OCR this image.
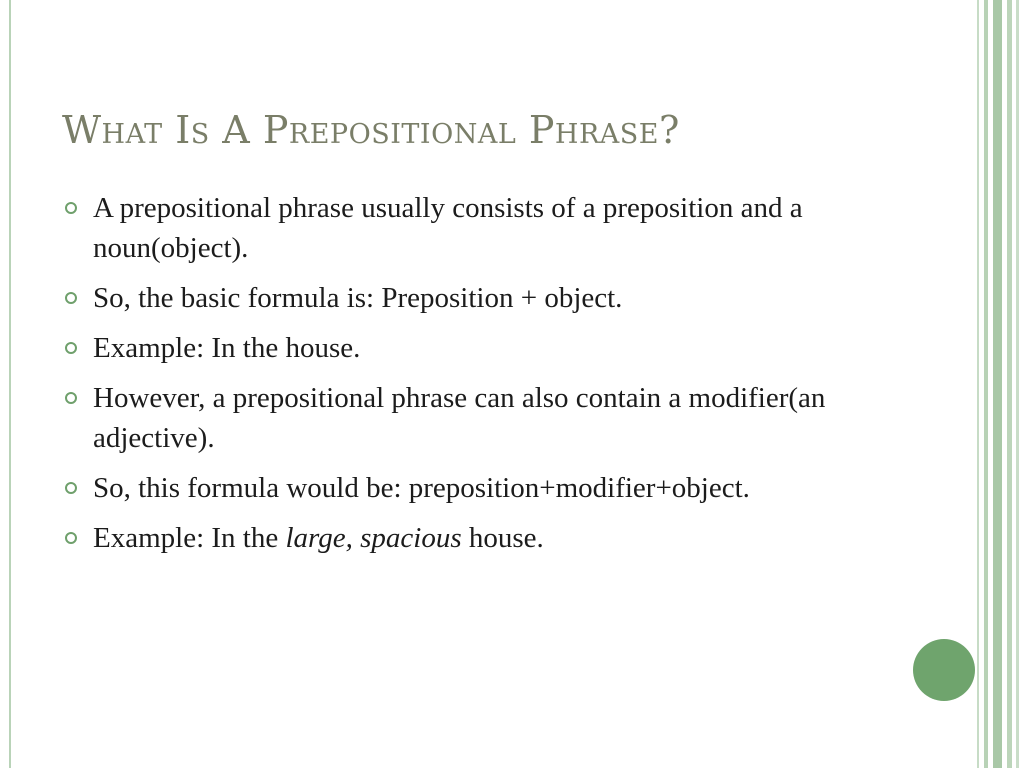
What Is A Prepositional Phrase?
A prepositional phrase usually consists of a preposition and a noun(object).
So, the basic formula is: Preposition + object.
Example: In the house.
However, a prepositional phrase can also contain a modifier(an adjective).
So, this formula would be: preposition+modifier+object.
Example: In the large, spacious house.
